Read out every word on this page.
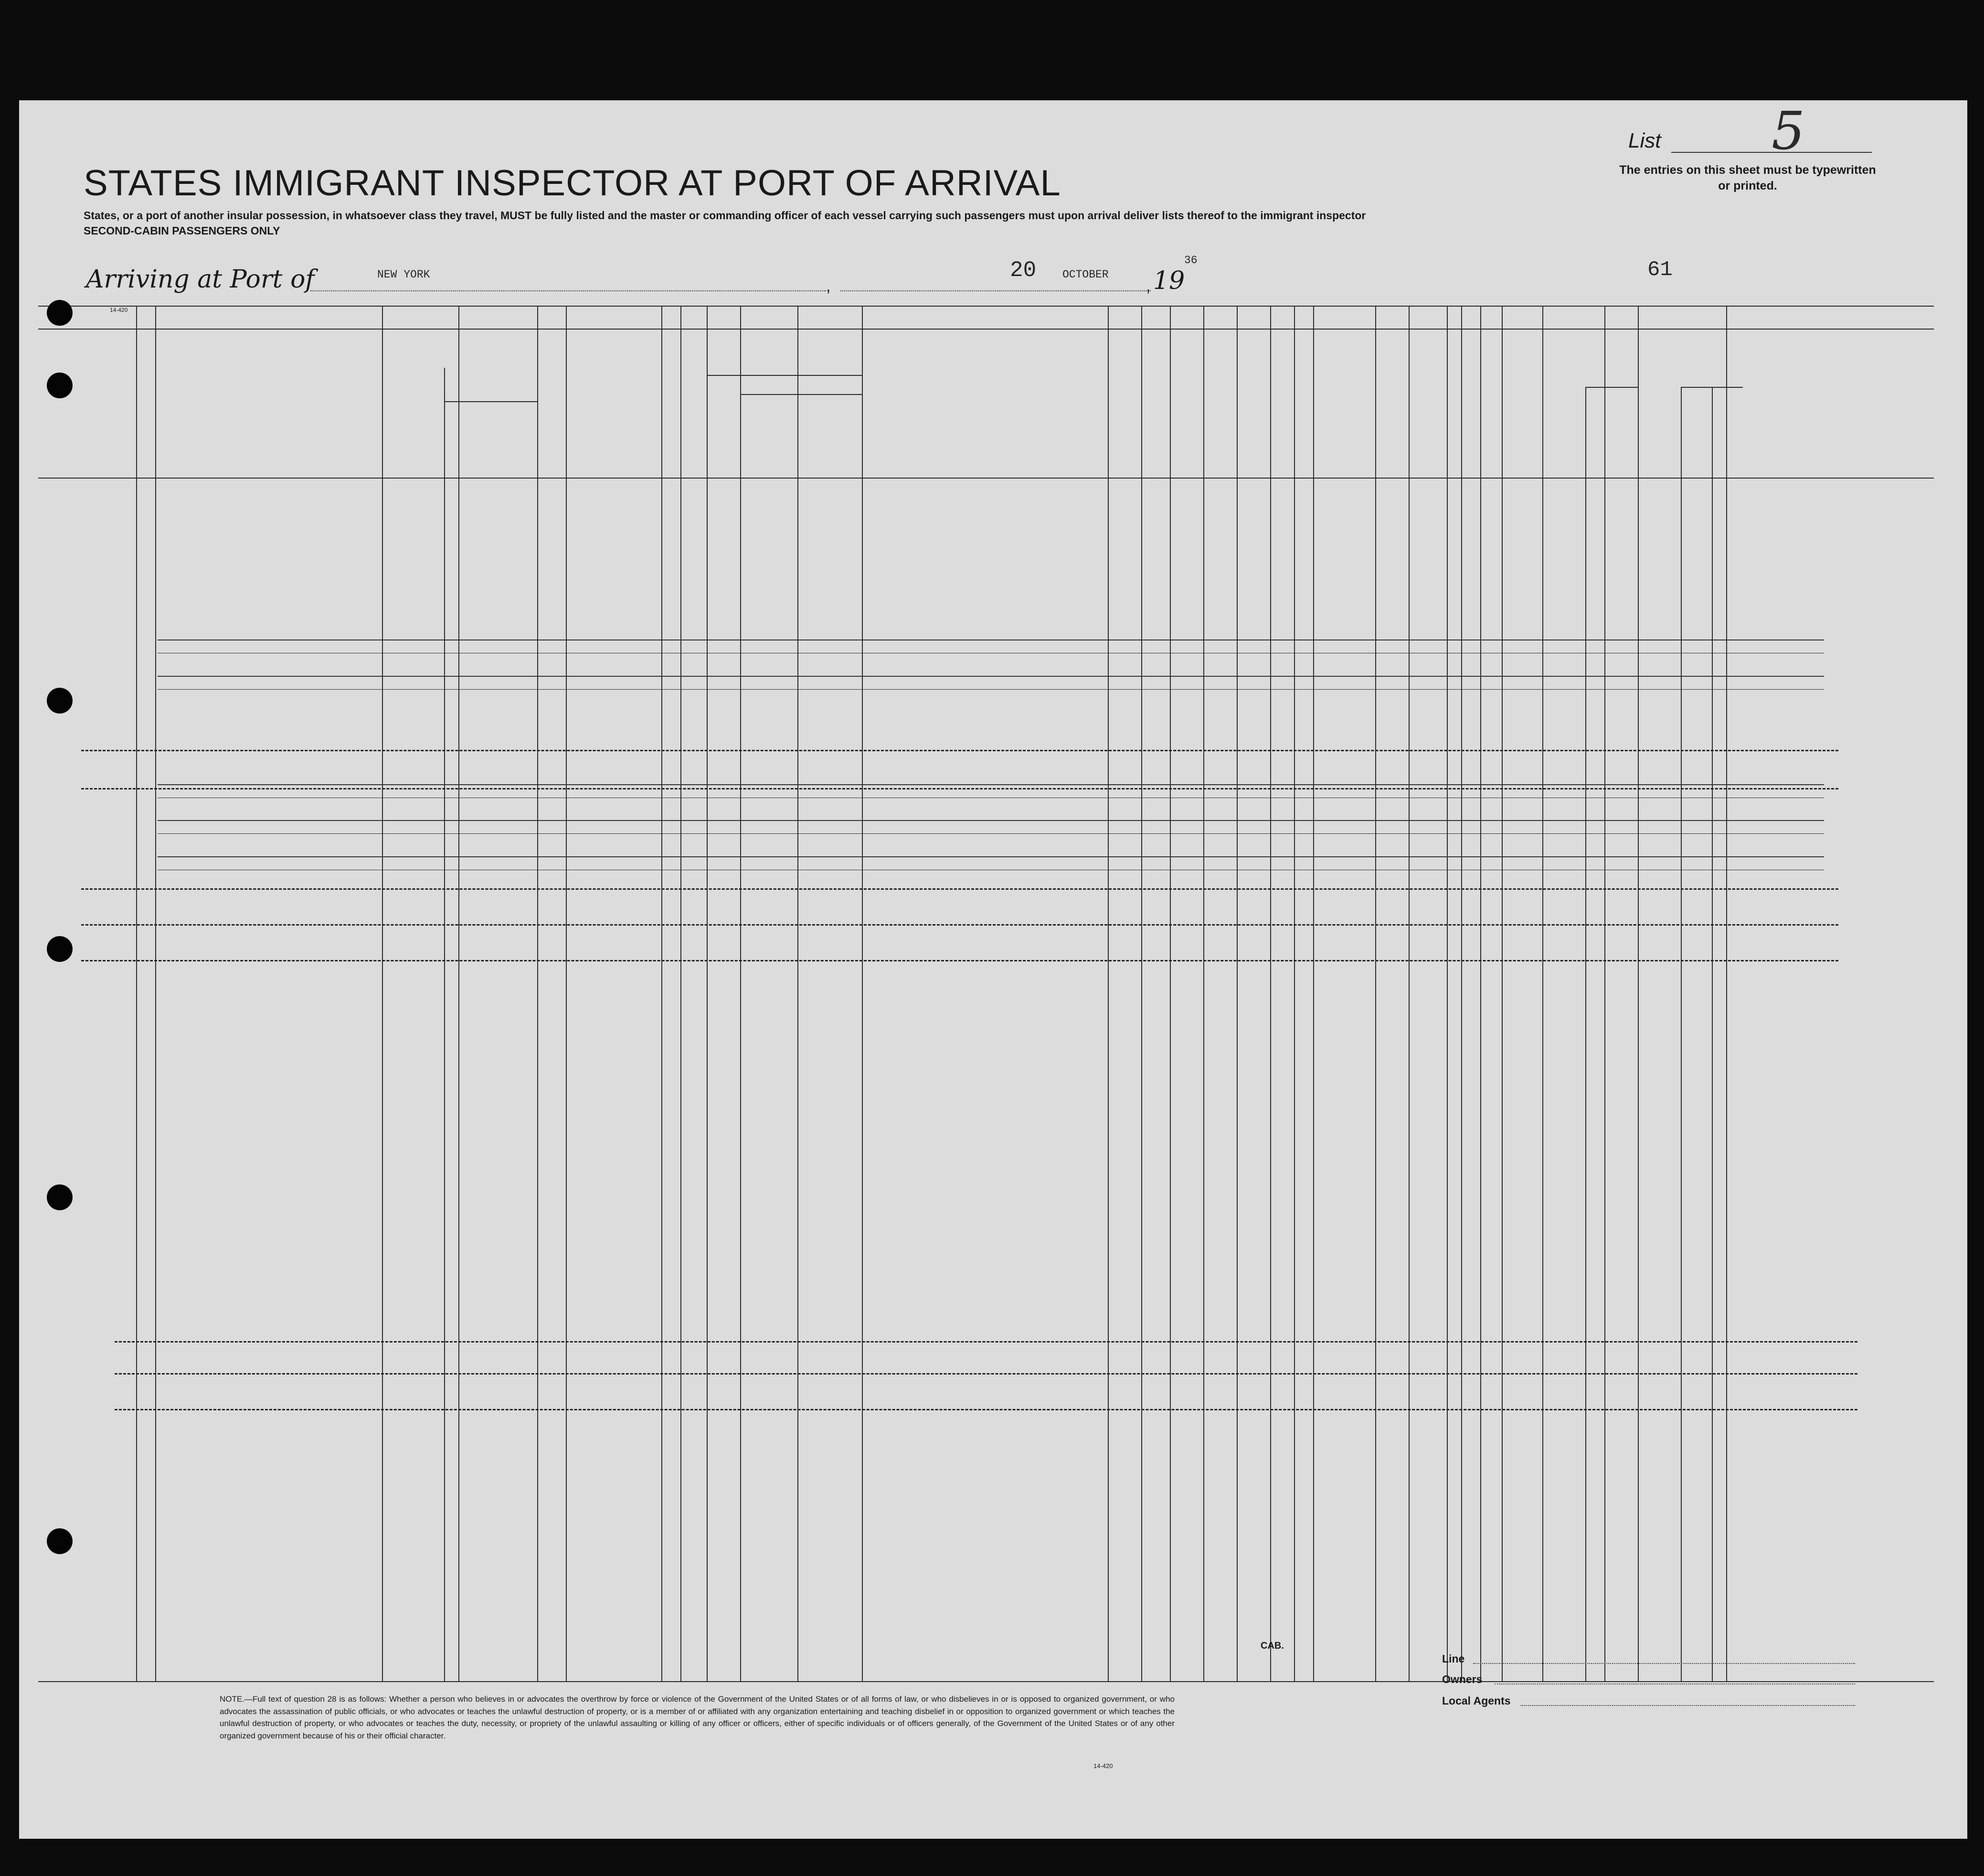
List 5
The entries on this sheet must be typewritten or printed.
STATES IMMIGRANT INSPECTOR AT PORT OF ARRIVAL
States, or a port of another insular possession, in whatsoever class they travel, MUST be fully listed and the master or commanding officer of each vessel carrying such passengers must upon arrival deliver lists thereof to the immigrant inspector
SECOND-CABIN PASSENGERS ONLY
Arriving at Port of	NEW YORK
,
20 OCTOBER
, 19
36	61
14-420
NOTE.—Full text of question 28 is as follows: Whether a person who believes in or advocates the overthrow by force or violence of the Government of the United States or of all forms of law, or who disbelieves in or is opposed to organized government, or who advocates the assassination of public officials, or who advocates or teaches the unlawful destruction of property, or is a member of or affiliated with any organization entertaining and teaching disbelief in or opposition to organized government or which teaches the unlawful destruction of property, or who advocates or teaches the duty, necessity, or propriety of the unlawful assaulting or killing of any officer or officers, either of specific individuals or of officers generally, of the Government of the United States or of any other organized government because of his or their official character.
14-420
CAB.
Line
Owners
Local Agents
